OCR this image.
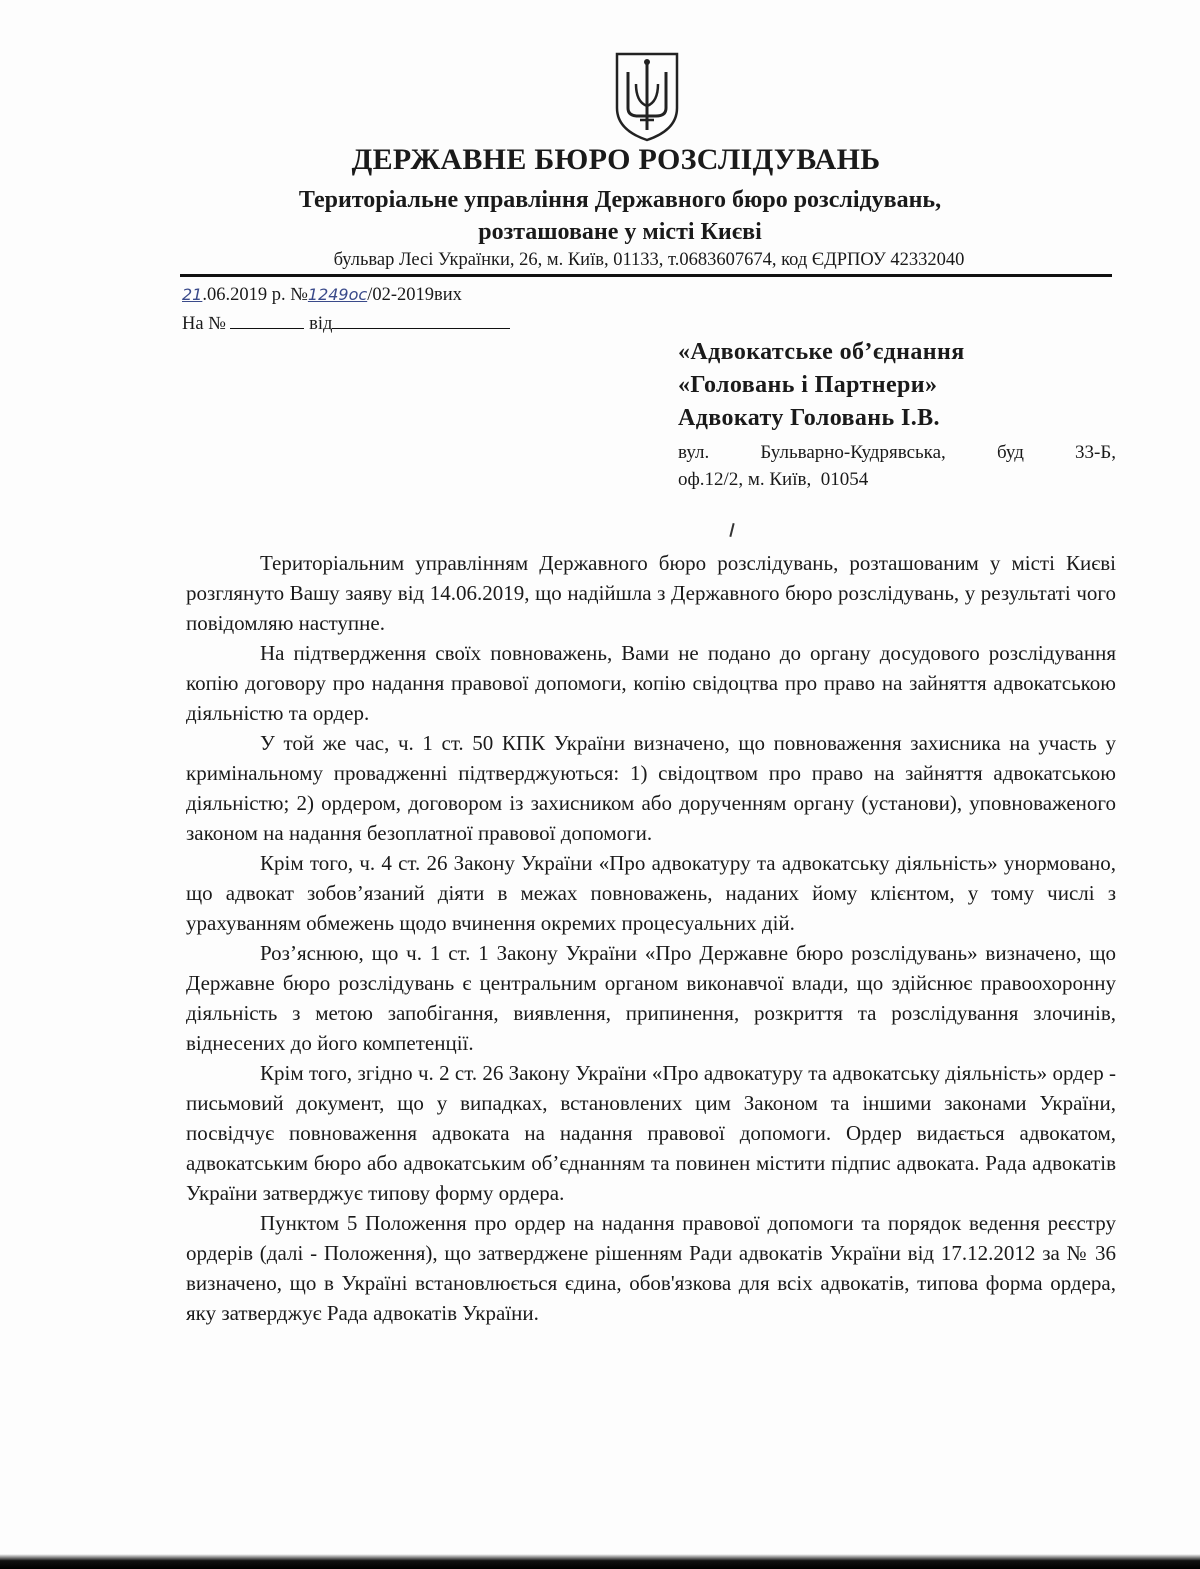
ДЕРЖАВНЕ БЮРО РОЗСЛІДУВАНЬ
Територіальне управління Державного бюро розслідувань,
розташоване у місті Києві
бульвар Лесі Українки, 26, м. Київ, 01133, т.0683607674, код ЄДРПОУ 42332040
21.06.2019 р. №1249ос/02-2019вих
На №	від
«Адвокатське об’єднання
«Головань і Партнери»
Адвокату Головань І.В.
вул. Бульварно-Кудрявська, буд 33-Б,
оф.12/2, м. Київ,  01054

Територіальним управлінням Державного бюро розслідувань, розташованим у місті Києві розглянуто Вашу заяву від 14.06.2019, що надійшла з Державного бюро розслідувань, у результаті чого повідомляю наступне.

На підтвердження своїх повноважень, Вами не подано до органу досудового розслідування копію договору про надання правової допомоги, копію свідоцтва про право на зайняття адвокатською діяльністю та ордер.

У той же час, ч. 1 ст. 50 КПК України визначено, що повноваження захисника на участь у кримінальному провадженні підтверджуються: 1) свідоцтвом про право на зайняття адвокатською діяльністю; 2) ордером, договором із захисником або дорученням органу (установи), уповноваженого законом на надання безоплатної правової допомоги.

Крім того, ч. 4 ст. 26 Закону України «Про адвокатуру та адвокатську діяльність» унормовано, що адвокат зобов’язаний діяти в межах повноважень, наданих йому клієнтом, у тому числі з урахуванням обмежень щодо вчинення окремих процесуальних дій.

Роз’яснюю, що ч. 1 ст. 1 Закону України «Про Державне бюро розслідувань» визначено, що Державне бюро розслідувань є центральним органом виконавчої влади, що здійснює правоохоронну діяльність з метою запобігання, виявлення, припинення, розкриття та розслідування злочинів, віднесених до його компетенції.

Крім того, згідно ч. 2 ст. 26 Закону України «Про адвокатуру та адвокатську діяльність» ордер - письмовий документ, що у випадках, встановлених цим Законом та іншими законами України, посвідчує повноваження адвоката на надання правової допомоги. Ордер видається адвокатом, адвокатським бюро або адвокатським об’єднанням та повинен містити підпис адвоката. Рада адвокатів України затверджує типову форму ордера.

Пунктом 5 Положення про ордер на надання правової допомоги та порядок ведення реєстру ордерів (далі - Положення), що затверджене рішенням Ради адвокатів України від 17.12.2012 за № 36 визначено, що в Україні встановлюється єдина, обов'язкова для всіх адвокатів, типова форма ордера, яку затверджує Рада адвокатів України.
